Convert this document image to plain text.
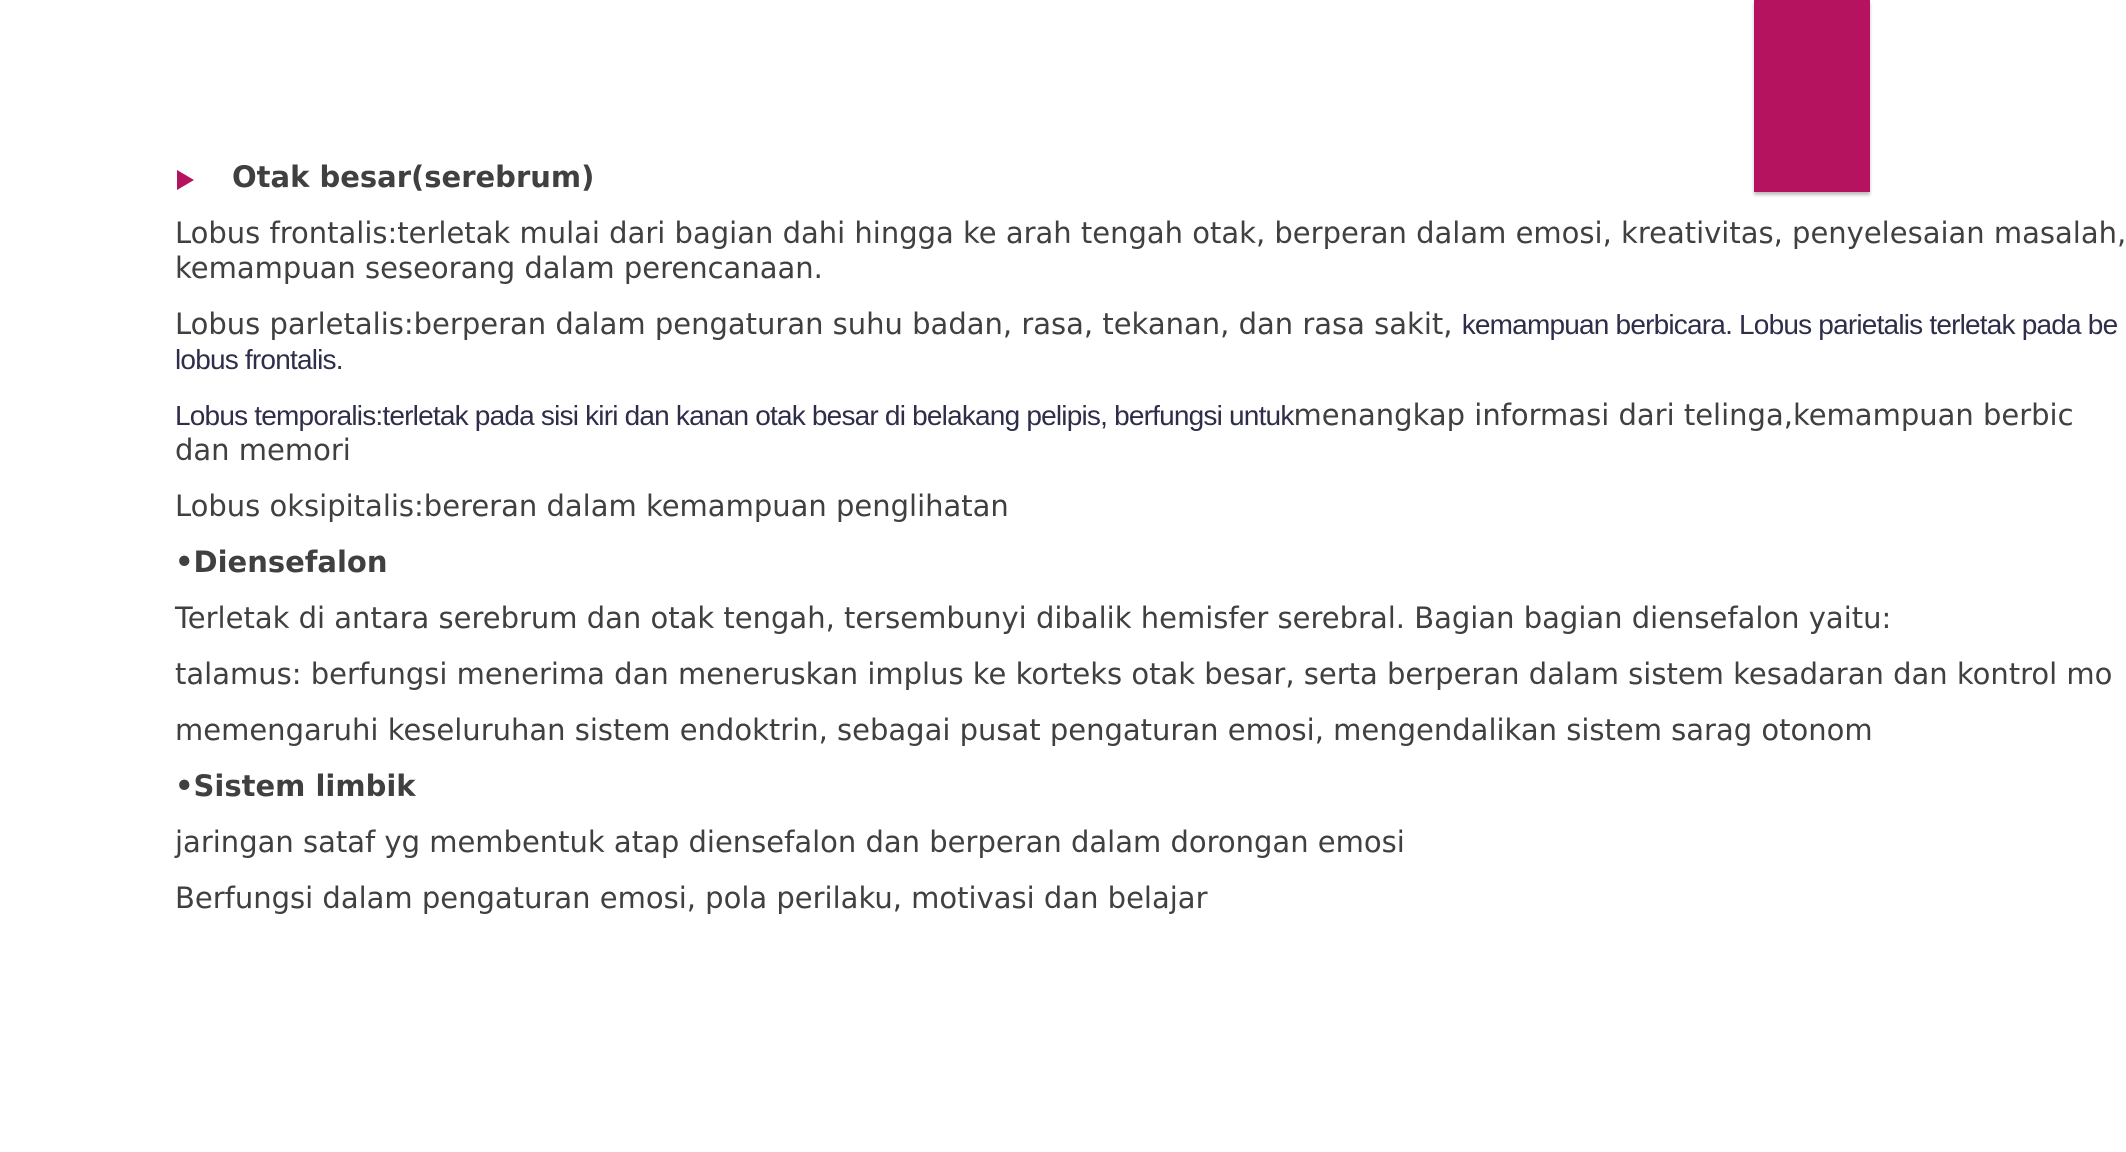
Otak besar(serebrum)

Lobus frontalis:terletak mulai dari bagian dahi hingga ke arah tengah otak, berperan dalam emosi, kreativitas, penyelesaian masalah,

kemampuan seseorang dalam perencanaan.

Lobus parletalis:berperan dalam pengaturan suhu badan, rasa, tekanan, dan rasa sakit, kemampuan berbicara. Lobus parietalis terletak pada be

lobus frontalis.

Lobus temporalis:terletak pada sisi kiri dan kanan otak besar di belakang pelipis, berfungsi untukmenangkap informasi dari telinga,kemampuan berbic

dan memori

Lobus oksipitalis:bereran dalam kemampuan penglihatan

•Diensefalon

Terletak di antara serebrum dan otak tengah, tersembunyi dibalik hemisfer serebral. Bagian bagian diensefalon yaitu:

talamus: berfungsi menerima dan meneruskan implus ke korteks otak besar, serta berperan dalam sistem kesadaran dan kontrol mo

memengaruhi keseluruhan sistem endoktrin, sebagai pusat pengaturan emosi, mengendalikan sistem sarag otonom

•Sistem limbik

jaringan sataf yg membentuk atap diensefalon dan berperan dalam dorongan emosi

Berfungsi dalam pengaturan emosi, pola perilaku, motivasi dan belajar
